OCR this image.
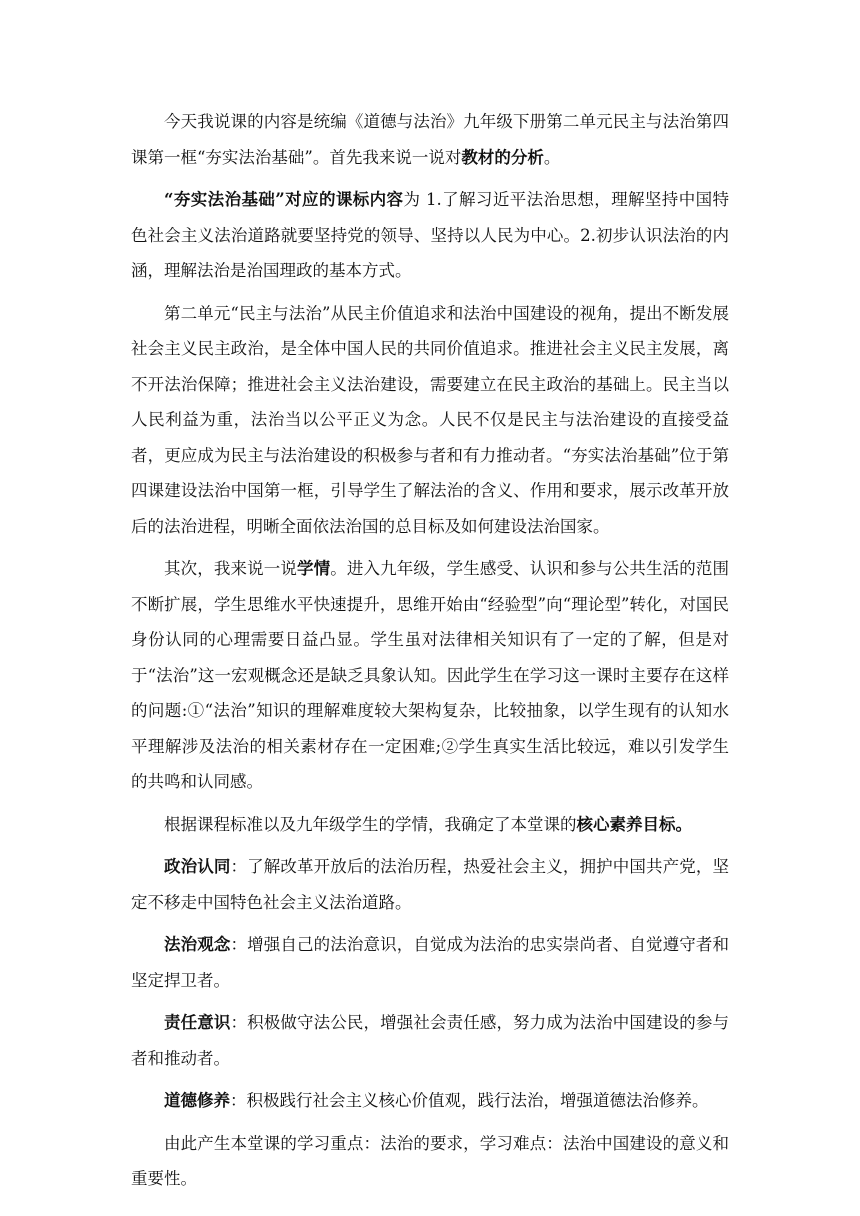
今天我说课的内容是统编《道德与法治》九年级下册第二单元民主与法治第四课第一框“夯实法治基础”。首先我来说一说对教材的分析。

“夯实法治基础”对应的课标内容为 1.了解习近平法治思想，理解坚持中国特色社会主义法治道路就要坚持党的领导、坚持以人民为中心。2.初步认识法治的内涵，理解法治是治国理政的基本方式。

第二单元“民主与法治”从民主价值追求和法治中国建设的视角，提出不断发展社会主义民主政治，是全体中国人民的共同价值追求。推进社会主义民主发展，离不开法治保障；推进社会主义法治建设，需要建立在民主政治的基础上。民主当以人民利益为重，法治当以公平正义为念。人民不仅是民主与法治建设的直接受益者，更应成为民主与法治建设的积极参与者和有力推动者。“夯实法治基础”位于第四课建设法治中国第一框，引导学生了解法治的含义、作用和要求，展示改革开放后的法治进程，明晰全面依法治国的总目标及如何建设法治国家。

其次，我来说一说学情。进入九年级，学生感受、认识和参与公共生活的范围不断扩展，学生思维水平快速提升，思维开始由“经验型”向“理论型”转化，对国民身份认同的心理需要日益凸显。学生虽对法律相关知识有了一定的了解，但是对于“法治”这一宏观概念还是缺乏具象认知。因此学生在学习这一课时主要存在这样的问题:①“法治”知识的理解难度较大架构复杂，比较抽象，以学生现有的认知水平理解涉及法治的相关素材存在一定困难;②学生真实生活比较远，难以引发学生的共鸣和认同感。

根据课程标准以及九年级学生的学情，我确定了本堂课的核心素养目标。

政治认同：了解改革开放后的法治历程，热爱社会主义，拥护中国共产党，坚定不移走中国特色社会主义法治道路。

法治观念：增强自己的法治意识，自觉成为法治的忠实崇尚者、自觉遵守者和坚定捍卫者。

责任意识：积极做守法公民，增强社会责任感，努力成为法治中国建设的参与者和推动者。

道德修养：积极践行社会主义核心价值观，践行法治，增强道德法治修养。

由此产生本堂课的学习重点：法治的要求，学习难点：法治中国建设的意义和重要性。
